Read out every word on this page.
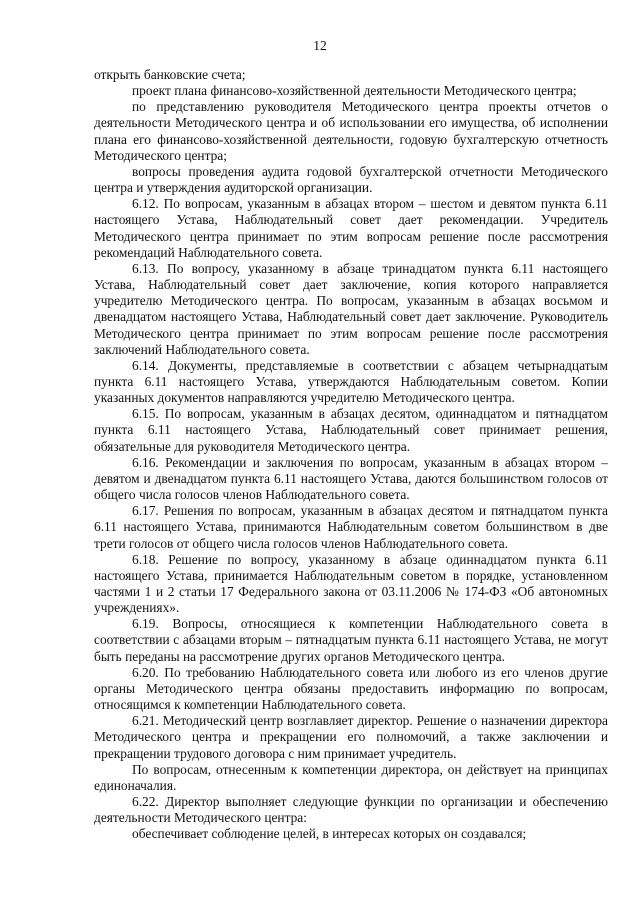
12

открыть банковские счета;

проект плана финансово-хозяйственной деятельности Методического центра;

по представлению руководителя Методического центра проекты отчетов о деятельности Методического центра и об использовании его имущества, об исполнении плана его финансово-хозяйственной деятельности, годовую бухгалтерскую отчетность Методического центра;

вопросы проведения аудита годовой бухгалтерской отчетности Методического центра и утверждения аудиторской организации.

6.12. По вопросам, указанным в абзацах втором – шестом и девятом пункта 6.11 настоящего Устава, Наблюдательный совет дает рекомендации. Учредитель Методического центра принимает по этим вопросам решение после рассмотрения рекомендаций Наблюдательного совета.

6.13. По вопросу, указанному в абзаце тринадцатом пункта 6.11 настоящего Устава, Наблюдательный совет дает заключение, копия которого направляется учредителю Методического центра. По вопросам, указанным в абзацах восьмом и двенадцатом настоящего Устава, Наблюдательный совет дает заключение. Руководитель Методического центра принимает по этим вопросам решение после рассмотрения заключений Наблюдательного совета.

6.14. Документы, представляемые в соответствии с абзацем четырнадцатым пункта 6.11 настоящего Устава, утверждаются Наблюдательным советом. Копии указанных документов направляются учредителю Методического центра.

6.15. По вопросам, указанным в абзацах десятом, одиннадцатом и пятнадцатом пункта 6.11 настоящего Устава, Наблюдательный совет принимает решения, обязательные для руководителя Методического центра.

6.16. Рекомендации и заключения по вопросам, указанным в абзацах втором – девятом и двенадцатом пункта 6.11 настоящего Устава, даются большинством голосов от общего числа голосов членов Наблюдательного совета.

6.17. Решения по вопросам, указанным в абзацах десятом и пятнадцатом пункта 6.11 настоящего Устава, принимаются Наблюдательным советом большинством в две трети голосов от общего числа голосов членов Наблюдательного совета.

6.18. Решение по вопросу, указанному в абзаце одиннадцатом пункта 6.11 настоящего Устава, принимается Наблюдательным советом в порядке, установленном частями 1 и 2 статьи 17 Федерального закона от 03.11.2006 № 174-ФЗ «Об автономных учреждениях».

6.19. Вопросы, относящиеся к компетенции Наблюдательного совета в соответствии с абзацами вторым – пятнадцатым пункта 6.11 настоящего Устава, не могут быть переданы на рассмотрение других органов Методического центра.

6.20. По требованию Наблюдательного совета или любого из его членов другие органы Методического центра обязаны предоставить информацию по вопросам, относящимся к компетенции Наблюдательного совета.

6.21. Методический центр возглавляет директор. Решение о назначении директора Методического центра и прекращении его полномочий, а также заключении и прекращении трудового договора с ним принимает учредитель.

По вопросам, отнесенным к компетенции директора, он действует на принципах единоначалия.

6.22. Директор выполняет следующие функции по организации и обеспечению деятельности Методического центра:

обеспечивает соблюдение целей, в интересах которых он создавался;
